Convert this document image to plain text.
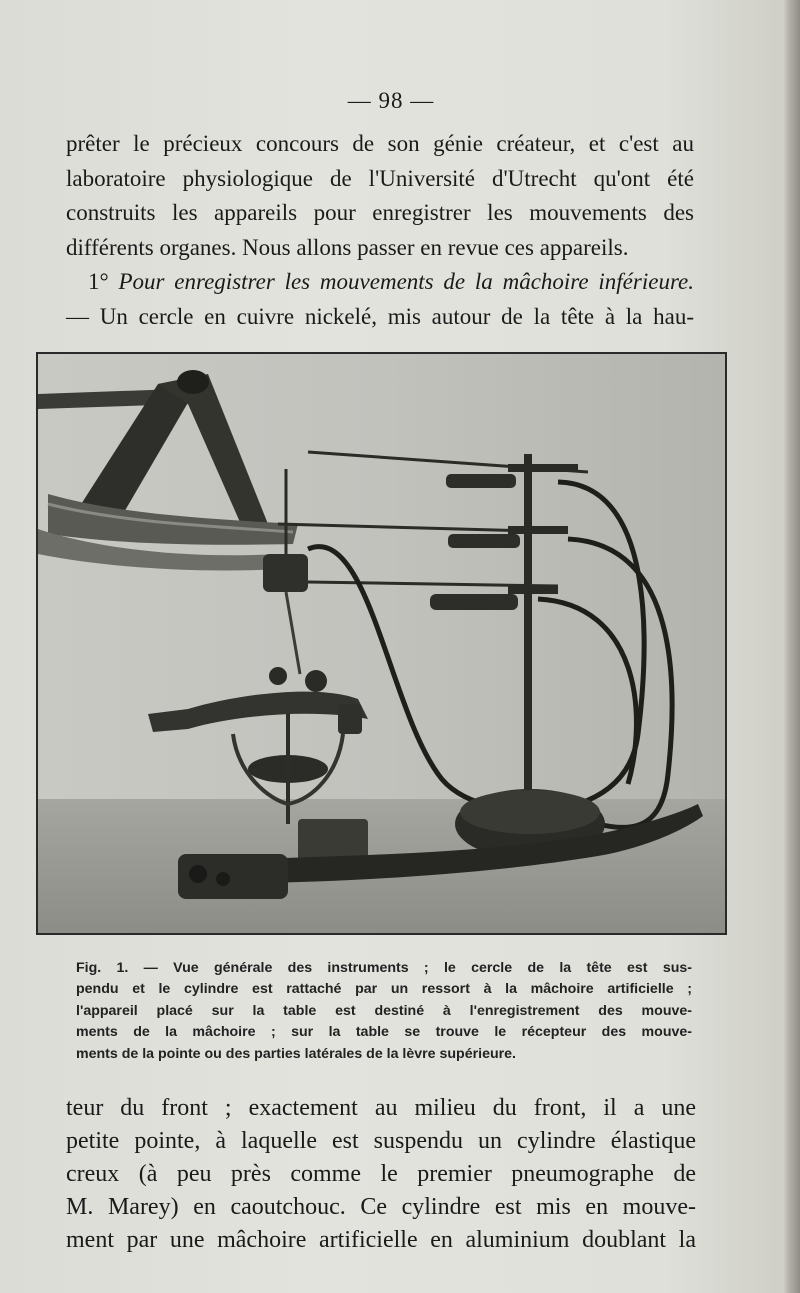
— 98 —
prêter le précieux concours de son génie créateur, et c'est au
laboratoire physiologique de l'Université d'Utrecht qu'ont été
construits les appareils pour enregistrer les mouvements des
différents organes. Nous allons passer en revue ces appareils.
1° Pour enregistrer les mouvements de la mâchoire inférieure.
— Un cercle en cuivre nickelé, mis autour de la tête à la hau-
Fig. 1. — Vue générale des instruments ; le cercle de la tête est sus-
pendu et le cylindre est rattaché par un ressort à la mâchoire artificielle ;
l'appareil placé sur la table est destiné à l'enregistrement des mouve-
ments de la mâchoire ; sur la table se trouve le récepteur des mouve-
ments de la pointe ou des parties latérales de la lèvre supérieure.
teur du front ; exactement au milieu du front, il a une
petite pointe, à laquelle est suspendu un cylindre élastique
creux (à peu près comme le premier pneumographe de
M. Marey) en caoutchouc. Ce cylindre est mis en mouve-
ment par une mâchoire artificielle en aluminium doublant la
